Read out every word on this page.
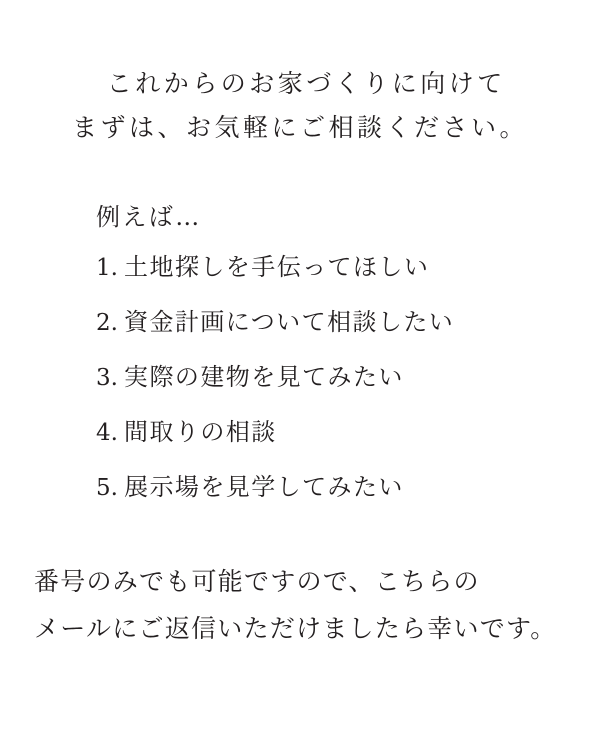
これからのお家づくりに向けて
まずは、お気軽にご相談ください。
例えば…
1. 土地探しを手伝ってほしい
2. 資金計画について相談したい
3. 実際の建物を見てみたい
4. 間取りの相談
5. 展示場を見学してみたい
番号のみでも可能ですので、こちらの
メールにご返信いただけましたら幸いです。
